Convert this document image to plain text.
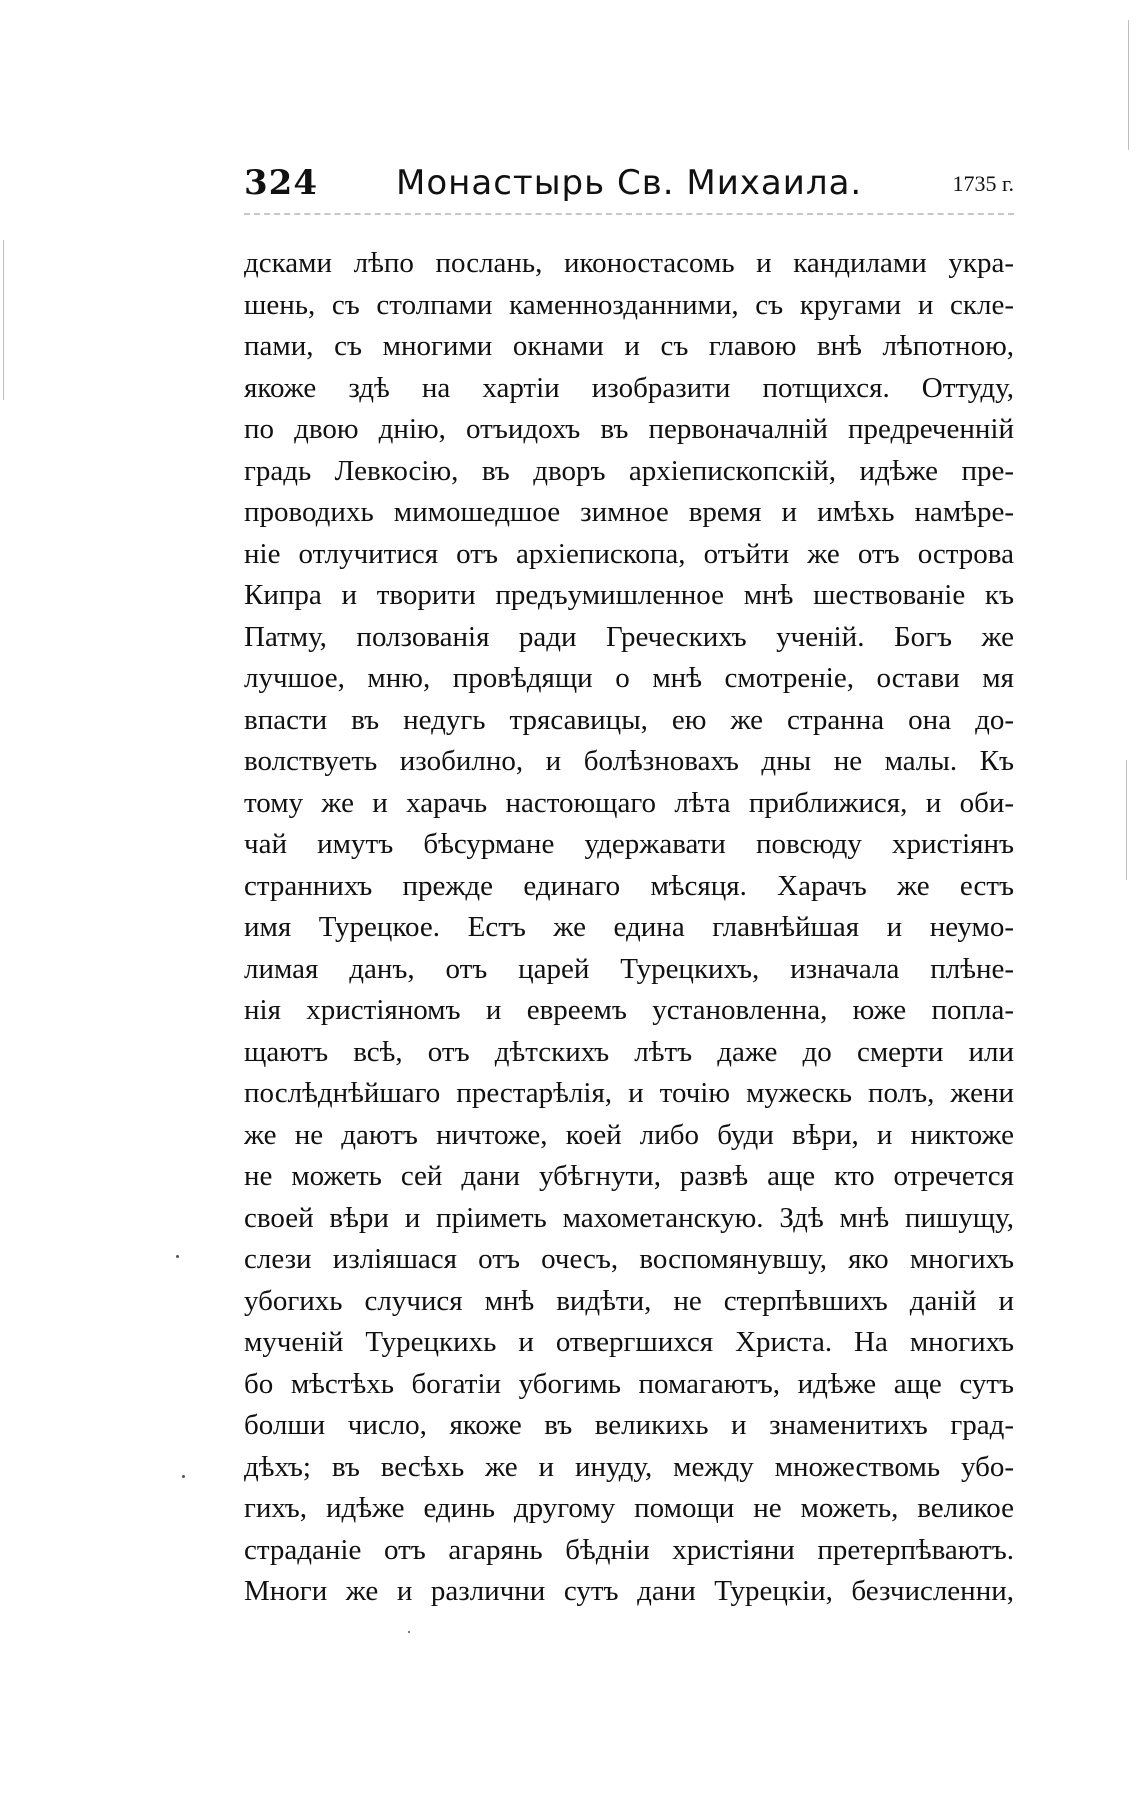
324 Монастырь Св. Михаила.	1735 г.
дсками лѣпо послань, иконостасомь и кандилами укра-
шень, съ столпами каменнозданними, съ кругами и скле-
пами, съ многими окнами и съ главою внѣ лѣпотною,
якоже здѣ на хартіи изобразити потщихся. Оттуду,
по двою днію, отъидохъ въ первоначалній предреченній
градь Левкосію, въ дворъ архіепископскій, идѣже пре-
проводихь мимошедшое зимное время и имѣхь намѣре-
ніе отлучитися отъ архіепископа, отъйти же отъ острова
Кипра и творити предъумишленное мнѣ шествованіе къ
Патму, ползованія ради Греческихъ ученій. Богъ же
лучшое, мню, провѣдящи о мнѣ смотреніе, остави мя
впасти въ недугь трясавицы, ею же странна она до-
волствуеть изобилно, и болѣзновахъ дны не малы. Къ
тому же и харачь настоющаго лѣта приближися, и оби-
чай имутъ бѣсурмане удержавати повсюду христіянъ
страннихъ прежде единаго мѣсяця. Харачъ же естъ
имя Турецкое. Естъ же едина главнѣйшая и неумо-
лимая данъ, отъ царей Турецкихъ, изначала плѣне-
нія христіяномъ и евреемъ установленна, юже попла-
щаютъ всѣ, отъ дѣтскихъ лѣтъ даже до смерти или
послѣднѣйшаго престарѣлія, и точію мужескь полъ, жени
же не даютъ ничтоже, коей либо буди вѣри, и никтоже
не можеть сей дани убѣгнути, развѣ аще кто отречется
своей вѣри и пріиметь махометанскую. Здѣ мнѣ пишущу,
слези изліяшася отъ очесъ, воспомянувшу, яко многихъ
убогихь случися мнѣ видѣти, не стерпѣвшихъ даній и
мученій Турецкихь и отвергшихся Христа. На многихъ
бо мѣстѣхь богатіи убогимь помагаютъ, идѣже аще сутъ
болши число, якоже въ великихь и знаменитихъ град-
дѣхъ; въ весѣхь же и инуду, между множествомь убо-
гихъ, идѣже единь другому помощи не можеть, великое
страданіе отъ агарянь бѣдніи христіяни претерпѣваютъ.
Многи же и различни сутъ дани Турецкіи, безчисленни,
